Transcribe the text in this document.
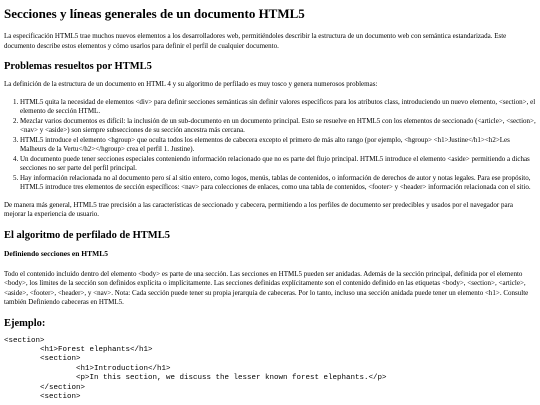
Secciones y líneas generales de un documento HTML5

La especificación HTML5 trae muchos nuevos elementos a los desarrolladores web, permitiéndoles describir la estructura de un documento web con semántica estandarizada. Este documento describe estos elementos y cómo usarlos para definir el perfil de cualquier documento.

Problemas resueltos por HTML5

La definición de la estructura de un documento en HTML 4 y su algoritmo de perfilado es muy tosco y genera numerosos problemas:

1. HTML5 quita la necesidad de elementos <div> para definir secciones semánticas sin definir valores específicos para los atributos class, introduciendo un nuevo elemento, <section>, el elemento de sección HTML.
2. Mezclar varios documentos es difícil: la inclusión de un sub-documento en un documento principal. Esto se resuelve en HTML5 con los elementos de seccionado (<article>, <section>, <nav> y <aside>) son siempre subsecciones de su sección ancestra más cercana.
3. HTML5 introduce el elemento <hgroup> que oculta todos los elementos de cabecera excepto el primero de más alto rango (por ejemplo, <hgroup> <h1>Justine</h1><h2>Les Malheurs de la Vertu</h2></hgroup> crea el perfil 1. Justine).
4. Un documento puede tener secciones especiales conteniendo información relacionado que no es parte del flujo principal. HTML5 introduce el elemento <aside> permitiendo a dichas secciones no ser parte del perfil principal.
5. Hay información relacionada no al documento pero sí al sitio entero, como logos, menús, tablas de contenidos, o información de derechos de autor y notas legales. Para ese propósito, HTML5 introduce tres elementos de sección específicos: <nav> para colecciones de enlaces, como una tabla de contenidos, <footer> y <header> información relacionada con el sitio.

De manera más general, HTML5 trae precisión a las características de seccionado y cabecera, permitiendo a los perfiles de documento ser predecibles y usados por el navegador para mejorar la experiencia de usuario.

El algoritmo de perfilado de HTML5
Definiendo secciones en HTML5

Todo el contenido incluido dentro del elemento <body> es parte de una sección. Las secciones en HTML5 pueden ser anidadas. Además de la sección principal, definida por el elemento <body>, los límites de la sección son definidos explícita o implícitamente. Las secciones definidas explícitamente son el contenido definido en las etiquetas <body>, <section>, <article>, <aside>, <footer>, <header>, y <nav>. Nota: Cada sección puede tener su propia jerarquía de cabeceras. Por lo tanto, incluso una sección anidada puede tener un elemento <h1>. Consulte también Definiendo cabeceras en HTML5.

Ejemplo:
<section>
<h1>Forest elephants</h1>
<section>
<h1>Introduction</h1>
<p>In this section, we discuss the lesser known forest elephants.</p>
</section>
<section>
